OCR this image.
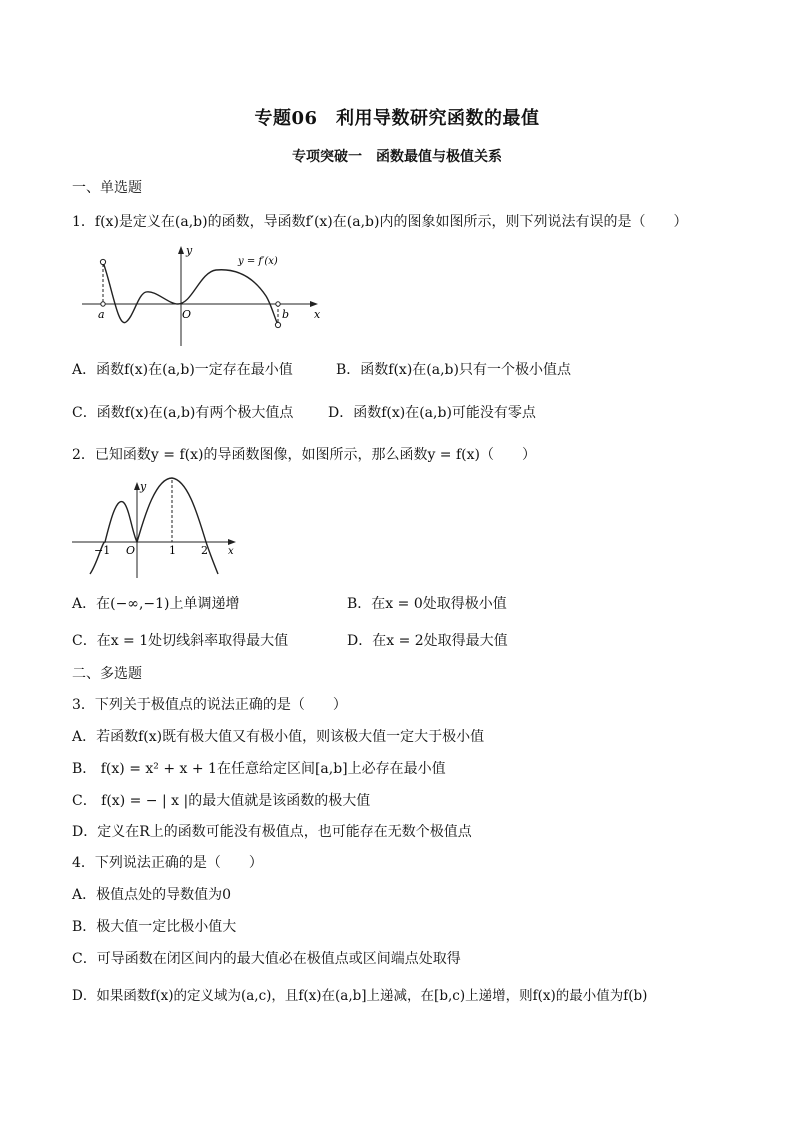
专题06　利用导数研究函数的最值
专项突破一　函数最值与极值关系
一、单选题
1．f(x)是定义在(a,b)的函数，导函数f′(x)在(a,b)内的图象如图所示，则下列说法有误的是（　　）
y = f′(x)
y
x
O
a	b
A．函数f(x)在(a,b)一定存在最小值	B．函数f(x)在(a,b)只有一个极小值点
C．函数f(x)在(a,b)有两个极大值点 D．函数f(x)在(a,b)可能没有零点
2．已知函数y = f(x)的导函数图像，如图所示，那么函数y = f(x)（　　）
y
x
O
−1	1 2
A．在(−∞,−1)上单调递增	B．在x = 0处取得极小值
C．在x = 1处切线斜率取得最大值	D．在x = 2处取得最大值
二、多选题
3．下列关于极值点的说法正确的是（　　）
A．若函数f(x)既有极大值又有极小值，则该极大值一定大于极小值
B． f(x) = x² + x + 1在任意给定区间[a,b]上必存在最小值
C． f(x) = − | x |的最大值就是该函数的极大值
D．定义在R上的函数可能没有极值点，也可能存在无数个极值点
4．下列说法正确的是（　　）
A．极值点处的导数值为0
B．极大值一定比极小值大
C．可导函数在闭区间内的最大值必在极值点或区间端点处取得
D．如果函数f(x)的定义域为(a,c)，且f(x)在(a,b]上递减，在[b,c)上递增，则f(x)的最小值为f(b)
